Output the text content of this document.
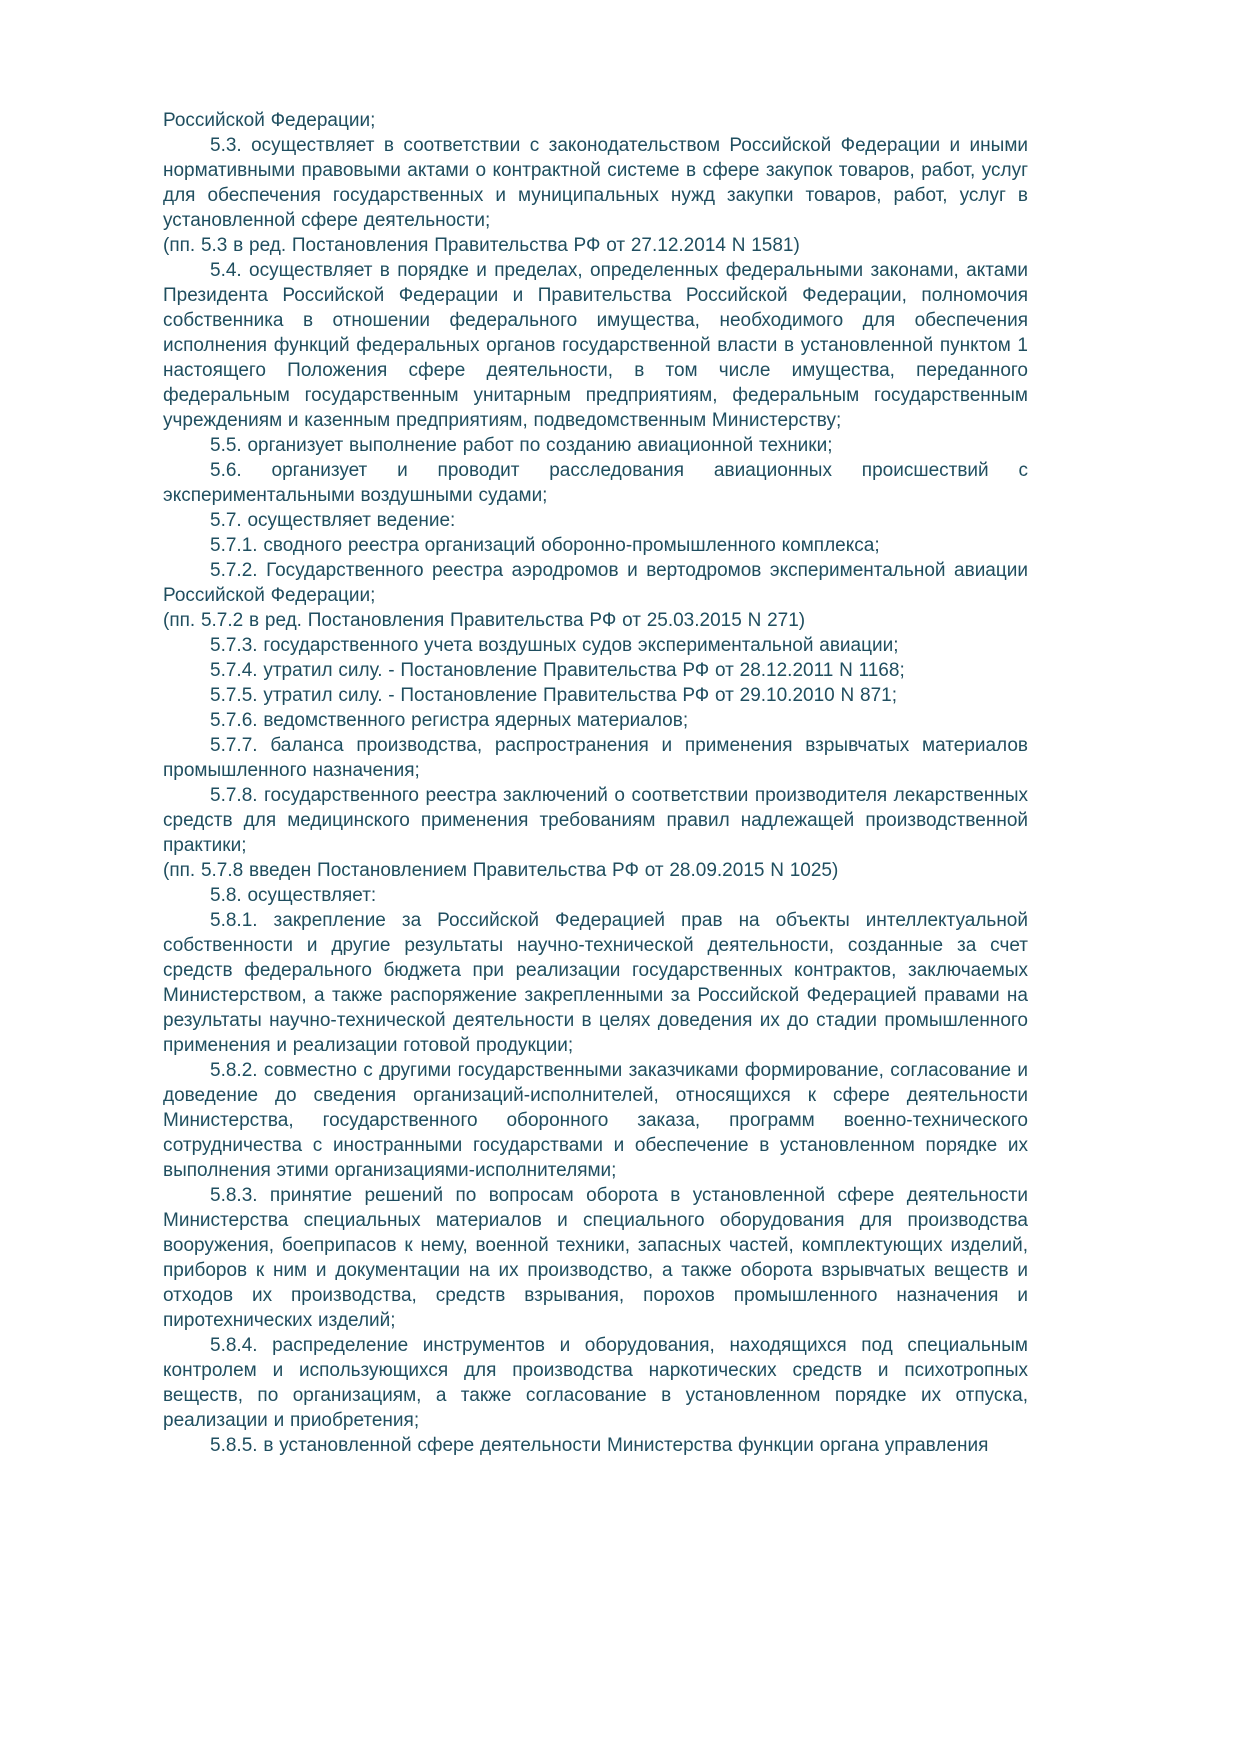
Российской Федерации;

5.3. осуществляет в соответствии с законодательством Российской Федерации и иными нормативными правовыми актами о контрактной системе в сфере закупок товаров, работ, услуг для обеспечения государственных и муниципальных нужд закупки товаров, работ, услуг в установленной сфере деятельности;

(пп. 5.3 в ред. Постановления Правительства РФ от 27.12.2014 N 1581)

5.4. осуществляет в порядке и пределах, определенных федеральными законами, актами Президента Российской Федерации и Правительства Российской Федерации, полномочия собственника в отношении федерального имущества, необходимого для обеспечения исполнения функций федеральных органов государственной власти в установленной пунктом 1 настоящего Положения сфере деятельности, в том числе имущества, переданного федеральным государственным унитарным предприятиям, федеральным государственным учреждениям и казенным предприятиям, подведомственным Министерству;

5.5. организует выполнение работ по созданию авиационной техники;

5.6. организует и проводит расследования авиационных происшествий с экспериментальными воздушными судами;

5.7. осуществляет ведение:

5.7.1. сводного реестра организаций оборонно-промышленного комплекса;

5.7.2. Государственного реестра аэродромов и вертодромов экспериментальной авиации Российской Федерации;

(пп. 5.7.2 в ред. Постановления Правительства РФ от 25.03.2015 N 271)

5.7.3. государственного учета воздушных судов экспериментальной авиации;

5.7.4. утратил силу. - Постановление Правительства РФ от 28.12.2011 N 1168;

5.7.5. утратил силу. - Постановление Правительства РФ от 29.10.2010 N 871;

5.7.6. ведомственного регистра ядерных материалов;

5.7.7. баланса производства, распространения и применения взрывчатых материалов промышленного назначения;

5.7.8. государственного реестра заключений о соответствии производителя лекарственных средств для медицинского применения требованиям правил надлежащей производственной практики;

(пп. 5.7.8 введен Постановлением Правительства РФ от 28.09.2015 N 1025)

5.8. осуществляет:

5.8.1. закрепление за Российской Федерацией прав на объекты интеллектуальной собственности и другие результаты научно-технической деятельности, созданные за счет средств федерального бюджета при реализации государственных контрактов, заключаемых Министерством, а также распоряжение закрепленными за Российской Федерацией правами на результаты научно-технической деятельности в целях доведения их до стадии промышленного применения и реализации готовой продукции;

5.8.2. совместно с другими государственными заказчиками формирование, согласование и доведение до сведения организаций-исполнителей, относящихся к сфере деятельности Министерства, государственного оборонного заказа, программ военно-технического сотрудничества с иностранными государствами и обеспечение в установленном порядке их выполнения этими организациями-исполнителями;

5.8.3. принятие решений по вопросам оборота в установленной сфере деятельности Министерства специальных материалов и специального оборудования для производства вооружения, боеприпасов к нему, военной техники, запасных частей, комплектующих изделий, приборов к ним и документации на их производство, а также оборота взрывчатых веществ и отходов их производства, средств взрывания, порохов промышленного назначения и пиротехнических изделий;

5.8.4. распределение инструментов и оборудования, находящихся под специальным контролем и использующихся для производства наркотических средств и психотропных веществ, по организациям, а также согласование в установленном порядке их отпуска, реализации и приобретения;

5.8.5. в установленной сфере деятельности Министерства функции органа управления
